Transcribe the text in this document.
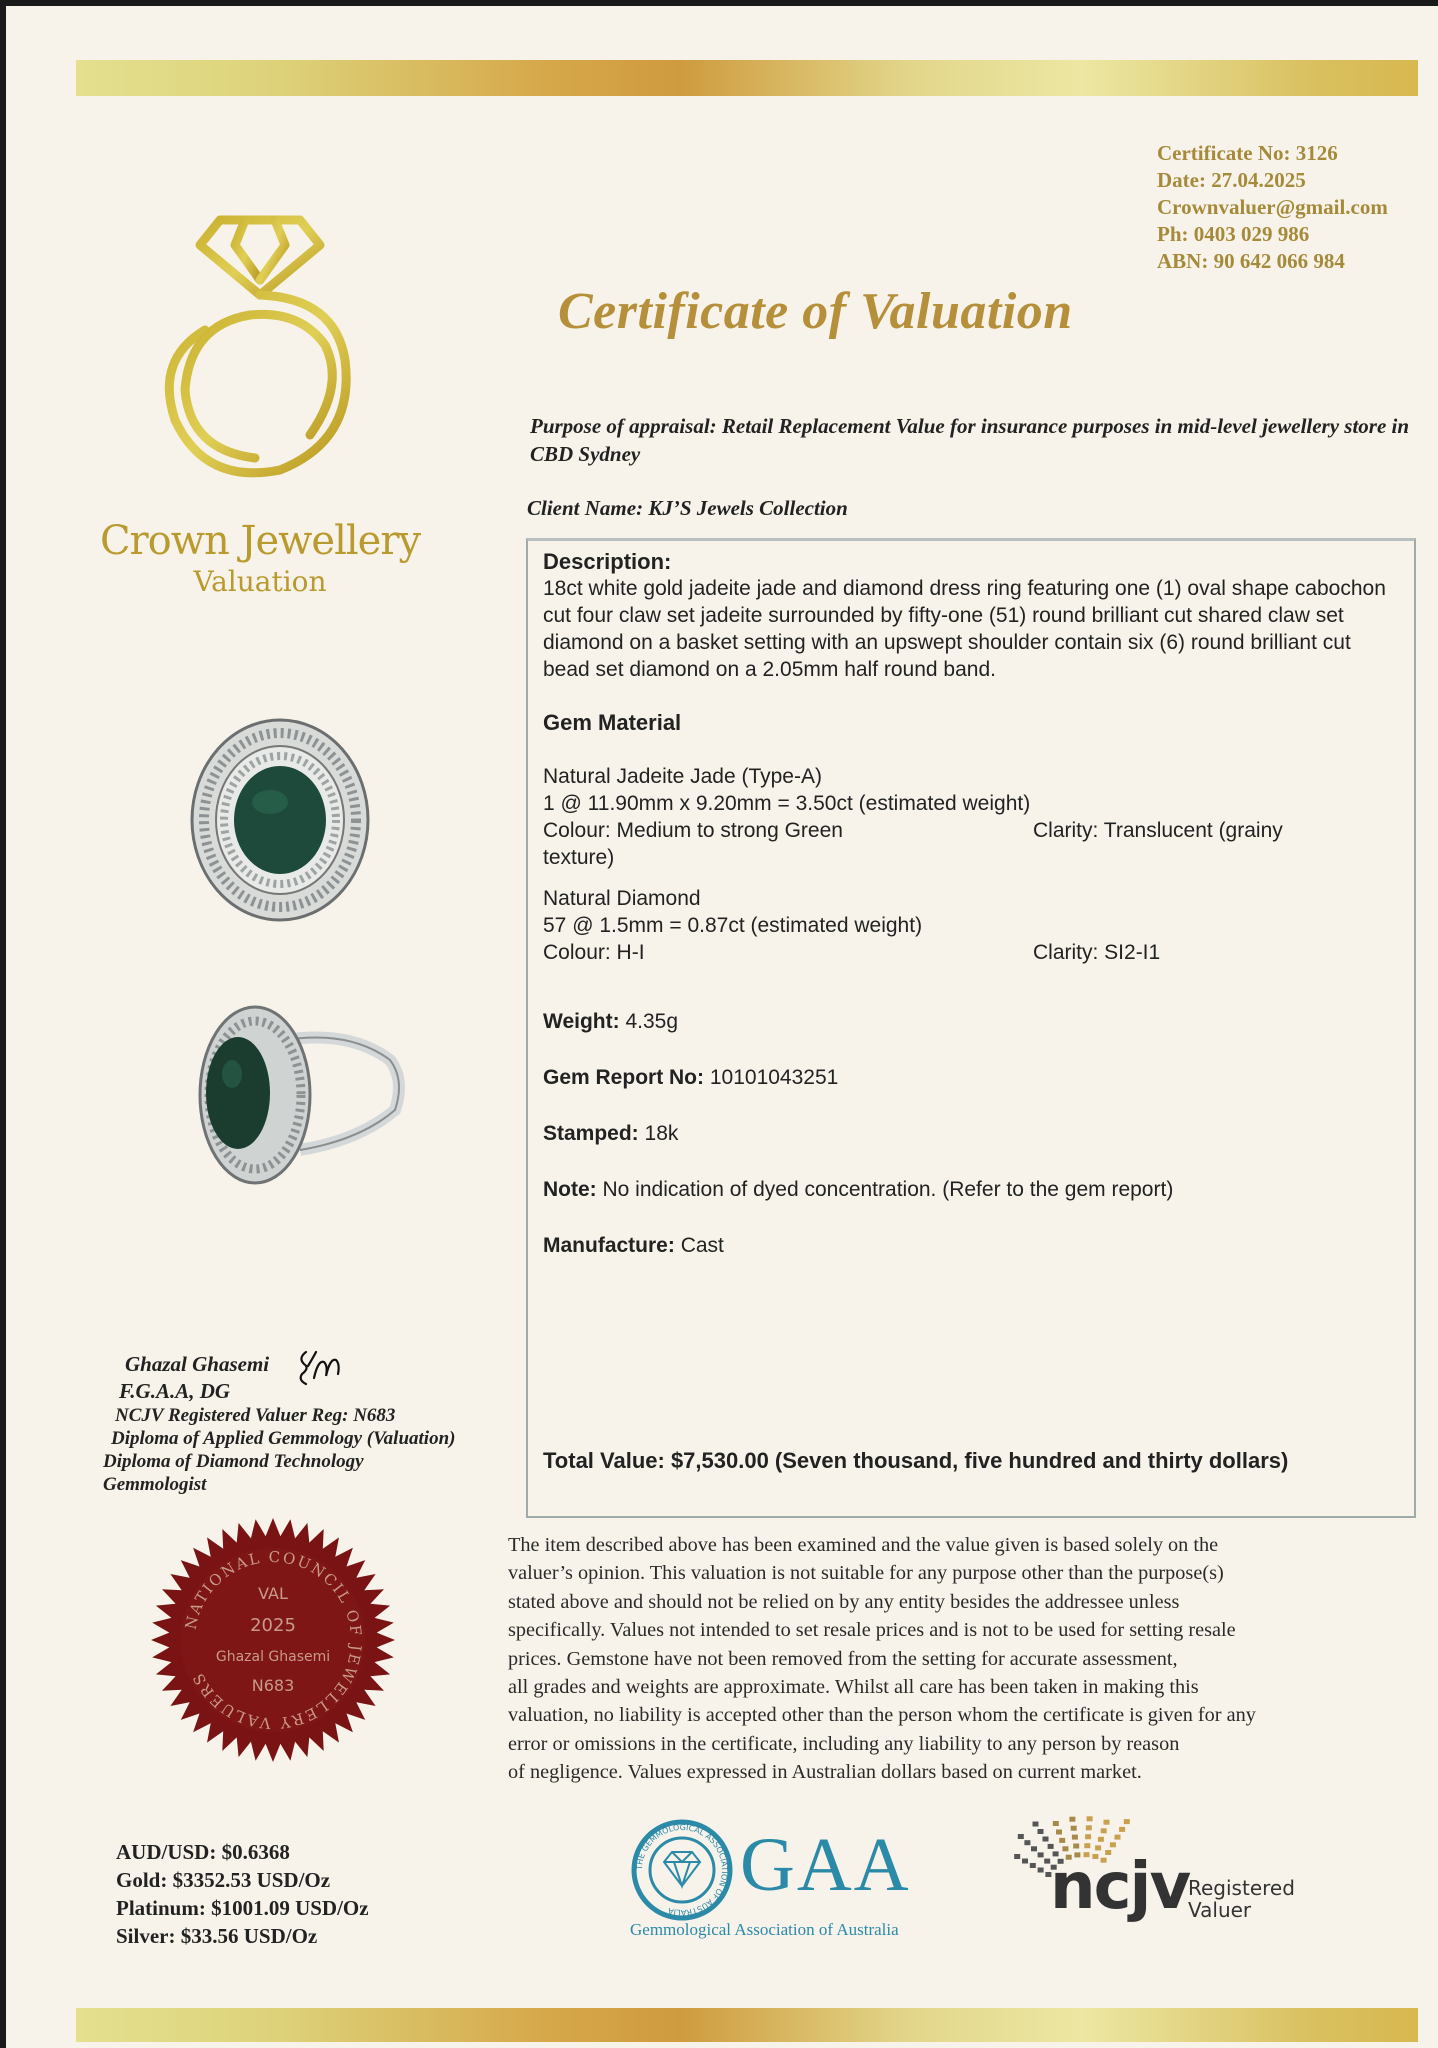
Crown Jewellery
Valuation
Certificate No: 3126
Date: 27.04.2025
Crownvaluer@gmail.com
Ph: 0403 029 986
ABN: 90 642 066 984
Certificate of Valuation
Purpose of appraisal: Retail Replacement Value for insurance purposes in mid-level jewellery store in CBD Sydney
Client Name: KJ’S Jewels Collection
Description:
18ct white gold jadeite jade and diamond dress ring featuring one (1) oval shape cabochon cut four claw set jadeite surrounded by fifty-one (51) round brilliant cut shared claw set diamond on a basket setting with an upswept shoulder contain six (6) round brilliant cut bead set diamond on a 2.05mm half round band.
Gem Material
Natural Jadeite Jade (Type-A)
1 @ 11.90mm x 9.20mm = 3.50ct (estimated weight)
Colour: Medium to strong Green	Clarity: Translucent (grainy
texture)
Natural Diamond
57 @ 1.5mm = 0.87ct (estimated weight)
Colour: H-I	Clarity: SI2-I1
Weight: 4.35g
Gem Report No: 10101043251
Stamped: 18k
Note: No indication of dyed concentration. (Refer to the gem report)
Manufacture: Cast
Total Value: $7,530.00 (Seven thousand, five hundred and thirty dollars)
Ghazal Ghasemi
F.G.A.A, DG
NCJV Registered Valuer Reg: N683
Diploma of Applied Gemmology (Valuation)
Diploma of Diamond Technology
Gemmologist
NATIONAL COUNCIL OF JEWELLERY VALUERS
VAL
2025
Ghazal Ghasemi
N683
The item described above has been examined and the value given is based solely on the
valuer’s opinion. This valuation is not suitable for any purpose other than the purpose(s)
stated above and should not be relied on by any entity besides the addressee unless
specifically. Values not intended to set resale prices and is not to be used for setting resale
prices. Gemstone have not been removed from the setting for accurate assessment,
all grades and weights are approximate. Whilst all care has been taken in making this
valuation, no liability is accepted other than the person whom the certificate is given for any
error or omissions in the certificate, including any liability to any person by reason
of negligence. Values expressed in Australian dollars based on current market.
AUD/USD: $0.6368
Gold: $3352.53 USD/Oz
Platinum: $1001.09 USD/Oz
Silver: $33.56 USD/Oz
THE GEMMOLOGICAL ASSOCIATION OF AUSTRALIA
GAA
Gemmological Association of Australia
ncjv
Registered
Valuer
